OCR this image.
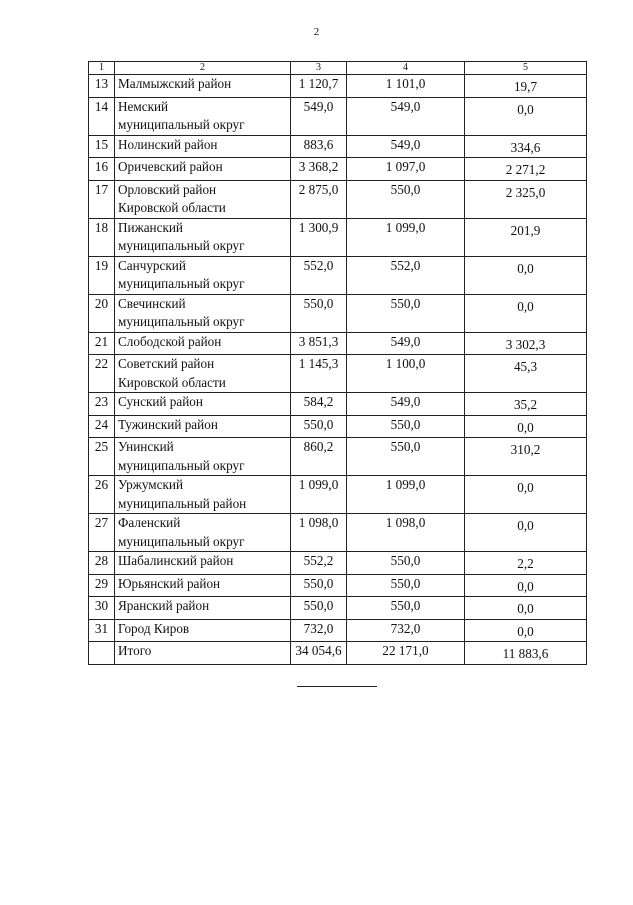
2
1	2	3	4	5
13	Малмыжский район	1 120,7	1 101,0	19,7
14	Немский
муниципальный округ	549,0	549,0	0,0
15	Нолинский район	883,6	549,0	334,6
16	Оричевский район	3 368,2	1 097,0	2 271,2
17	Орловский район
Кировской области	2 875,0	550,0	2 325,0
18	Пижанский
муниципальный округ	1 300,9	1 099,0	201,9
19	Санчурский
муниципальный округ	552,0	552,0	0,0
20	Свечинский
муниципальный округ	550,0	550,0	0,0
21	Слободской район	3 851,3	549,0	3 302,3
22	Советский район
Кировской области	1 145,3	1 100,0	45,3
23	Сунский район	584,2	549,0	35,2
24	Тужинский район	550,0	550,0	0,0
25	Унинский
муниципальный округ	860,2	550,0	310,2
26	Уржумский
муниципальный район	1 099,0	1 099,0	0,0
27	Фаленский
муниципальный округ	1 098,0	1 098,0	0,0
28	Шабалинский район	552,2	550,0	2,2
29	Юрьянский район	550,0	550,0	0,0
30	Яранский район	550,0	550,0	0,0
31	Город Киров	732,0	732,0	0,0

	Итого	34 054,6	22 171,0	11 883,6
